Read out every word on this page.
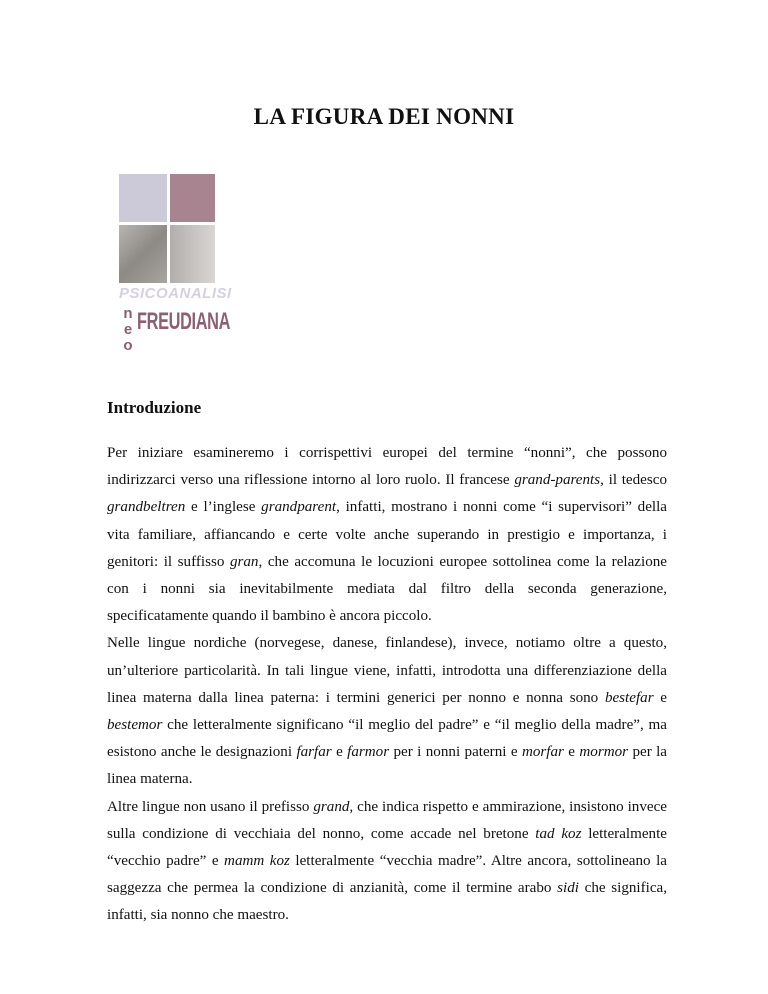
LA FIGURA DEI NONNI
PSICOANALISI
n
e
o
FREUDIANA
Introduzione

Per iniziare esamineremo i corrispettivi europei del termine “nonni”, che possono indirizzarci verso una riflessione intorno al loro ruolo. Il francese grand-parents, il tedesco grandbeltren e l’inglese grandparent, infatti, mostrano i nonni come “i supervisori” della vita familiare, affiancando e certe volte anche superando in prestigio e importanza, i genitori: il suffisso gran, che accomuna le locuzioni europee sottolinea come la relazione con i nonni sia inevitabilmente mediata dal filtro della seconda generazione, specificatamente quando il bambino è ancora piccolo.

Nelle lingue nordiche (norvegese, danese, finlandese), invece, notiamo oltre a questo, un’ulteriore particolarità. In tali lingue viene, infatti, introdotta una differenziazione della linea materna dalla linea paterna: i termini generici per nonno e nonna sono bestefar e bestemor che letteralmente significano “il meglio del padre” e “il meglio della madre”, ma esistono anche le designazioni farfar e farmor per i nonni paterni e morfar e mormor per la linea materna.

Altre lingue non usano il prefisso grand, che indica rispetto e ammirazione, insistono invece sulla condizione di vecchiaia del nonno, come accade nel bretone tad koz letteralmente “vecchio padre” e mamm koz letteralmente “vecchia madre”. Altre ancora, sottolineano la saggezza che permea la condizione di anzianità, come il termine arabo sidi che significa, infatti, sia nonno che maestro.
